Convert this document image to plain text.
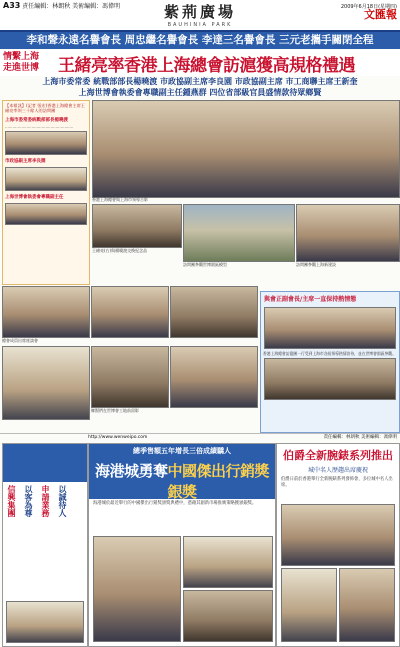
A33 責任編輯：林朗秋 美術編輯：馮偉明	紫荊廣場
BAUHINIA PARK
2009年6月18日(星期四)
文匯報
李和聲永遠名譽會長 周忠繼名譽會長 李達三名譽會長 三元老攜手關閉全程
情繫上海
走進世博	王緒亮率香港上海總會訪滬獲高規格禮遇
上海市委常委 統戰部部長楊曉渡 市政協副主席李良園 市政協副主席 市工商聯主席王新奎
上海世博會執委會專職副主任鍾燕群 四位省部級官員盛情款待眾鄉賢
【本報訊】(記者 張宏)香港上海總會主席王緒亮率領三十餘人的訪問團
上海市委常委統戰部部長楊曉渡
………………………………………………
市政協副主席李良園
上海世博會執委會專職副主任	香港上海總會與上海市領導合影
王緒亮(右)與楊曉渡交換紀念品
訪問團參觀世博園區模型	訪問團參觀上海新建設
總會成員出席座談會
鄉賢們在世博會工地前留影
與會正副會長/主席一直保持熱情態
香港上海總會訪滬團一行受到上海市各級領導熱情款待，並在世博會園區參觀。
http://www.wenweipo.com	責任編輯：林朗秋 美術編輯：馮偉明
信興集團 以客為尊 申請業務 以誠待人
總季售額五年增長三倍成績驕人
海港城勇奪中國傑出行銷獎銀獎
海港城於最近舉行的中國傑出行銷獎頒獎典禮中，憑藉其創新市場推廣策略獲頒銀獎。
伯爵全新腕錶系列推出
城中名人歷趨出席慶祝
伯爵日前於香港舉行全新腕錶系列發佈會，多位城中名人出席。
